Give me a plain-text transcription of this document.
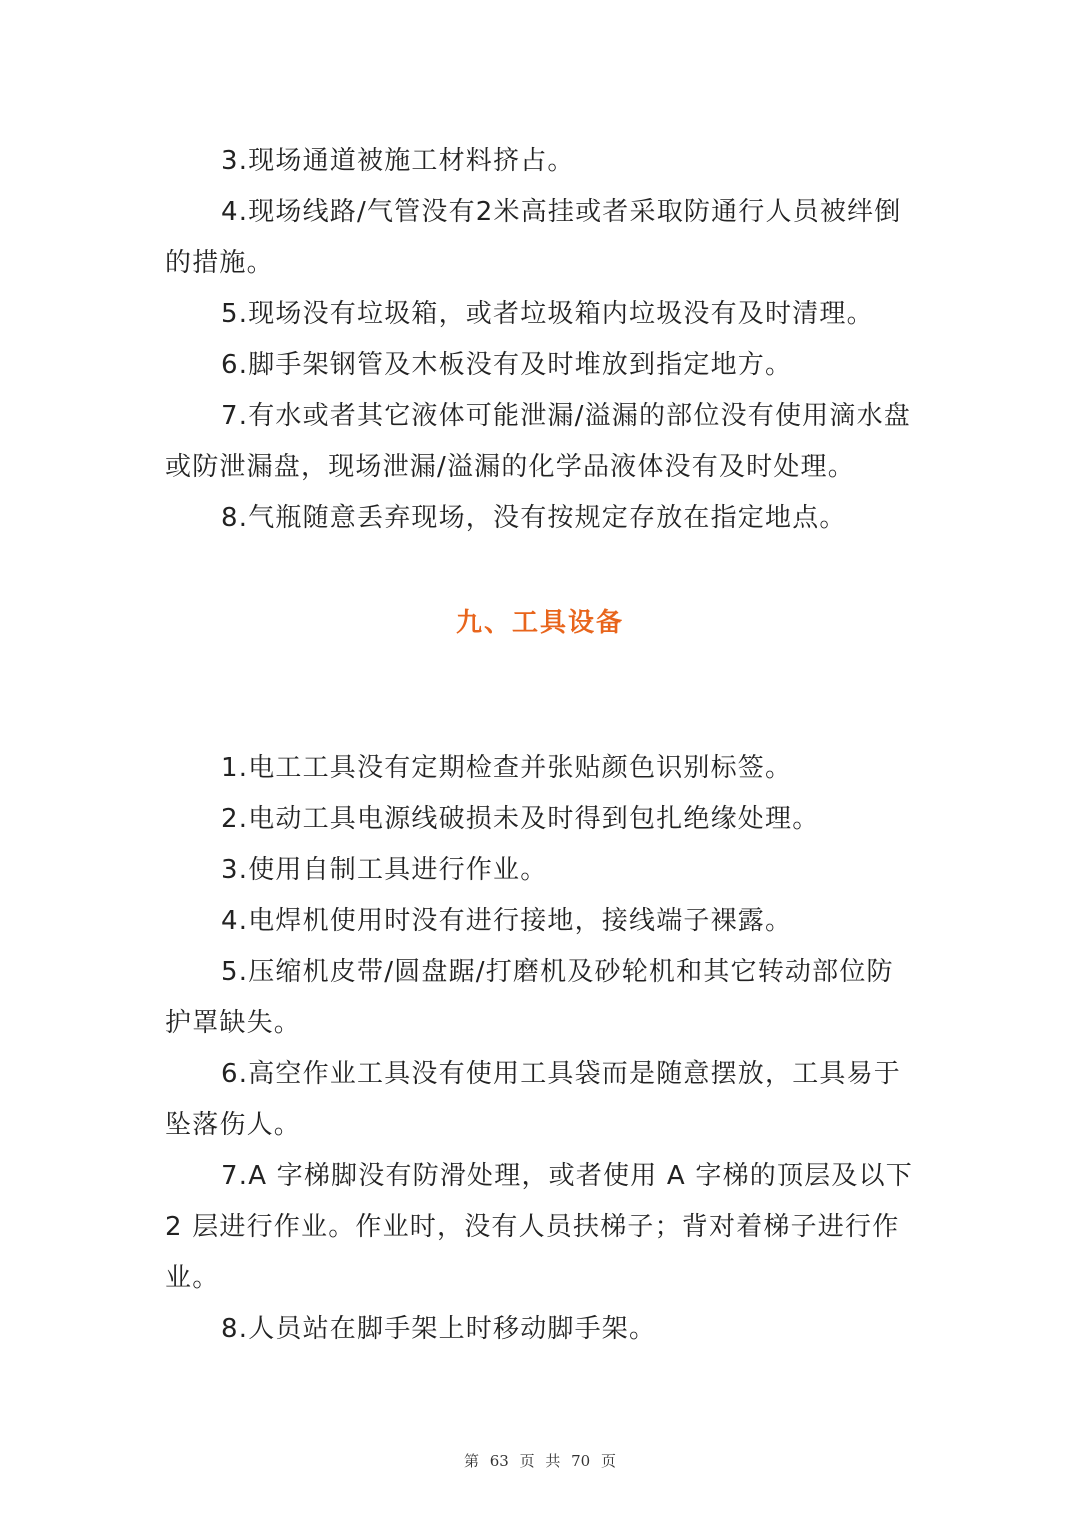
3.现场通道被施工材料挤占。

4.现场线路/气管没有2米高挂或者采取防通行人员被绊倒的措施。

5.现场没有垃圾箱，或者垃圾箱内垃圾没有及时清理。

6.脚手架钢管及木板没有及时堆放到指定地方。

7.有水或者其它液体可能泄漏/溢漏的部位没有使用滴水盘或防泄漏盘，现场泄漏/溢漏的化学品液体没有及时处理。

8.气瓶随意丢弃现场，没有按规定存放在指定地点。

九、工具设备

1.电工工具没有定期检查并张贴颜色识别标签。

2.电动工具电源线破损未及时得到包扎绝缘处理。

3.使用自制工具进行作业。

4.电焊机使用时没有进行接地，接线端子裸露。

5.压缩机皮带/圆盘踞/打磨机及砂轮机和其它转动部位防护罩缺失。

6.高空作业工具没有使用工具袋而是随意摆放，工具易于坠落伤人。

7.A 字梯脚没有防滑处理，或者使用 A 字梯的顶层及以下 2 层进行作业。作业时，没有人员扶梯子；背对着梯子进行作业。

8.人员站在脚手架上时移动脚手架。

第 63 页 共 70 页
